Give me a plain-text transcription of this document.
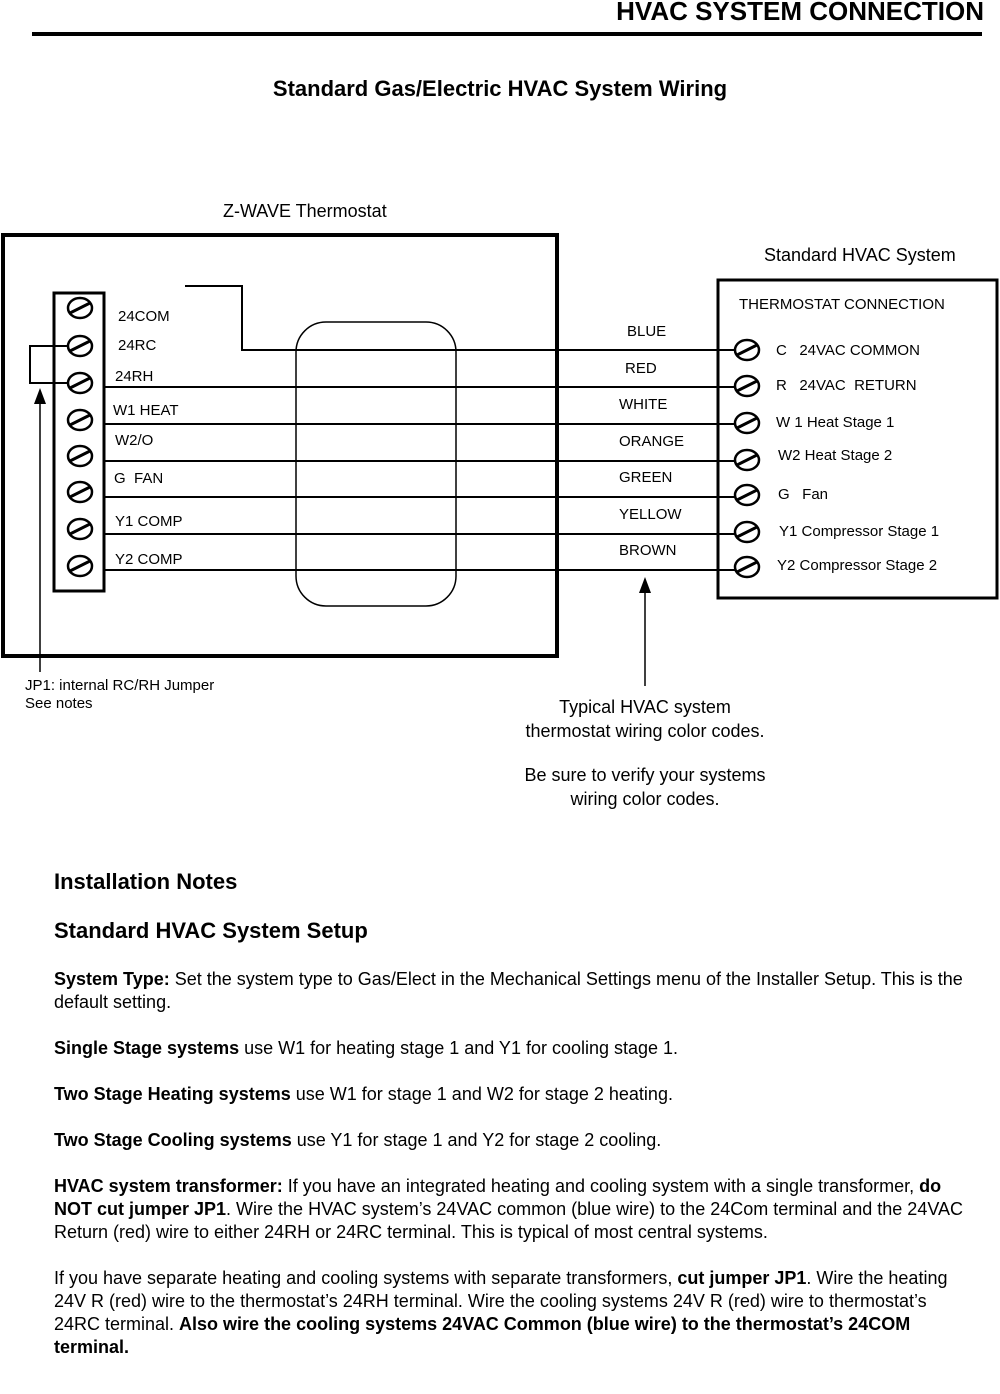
HVAC SYSTEM CONNECTION
Standard Gas/Electric HVAC System Wiring
Z-WAVE Thermostat
24COM
24RC
24RH
W1 HEAT
W2/O
G  FAN
Y1 COMP
Y2 COMP
JP1: internal RC/RH Jumper
See notes
BLUE
RED
WHITE
ORANGE
GREEN
YELLOW
BROWN
Standard HVAC System
THERMOSTAT CONNECTION
C   24VAC COMMON
R   24VAC  RETURN
W 1 Heat Stage 1
W2 Heat Stage 2
G   Fan
Y1 Compressor Stage 1
Y2 Compressor Stage 2
Typical HVAC system
thermostat wiring color codes.
Be sure to verify your systems
wiring color codes.
Installation Notes
Standard HVAC System Setup

System Type: Set the system type to Gas/Elect in the Mechanical Settings menu of the Installer Setup. This is the default setting.

Single Stage systems use W1 for heating stage 1 and Y1 for cooling stage 1.

Two Stage Heating systems use W1 for stage 1 and W2 for stage 2 heating.

Two Stage Cooling systems use Y1 for stage 1 and Y2 for stage 2 cooling.

HVAC system transformer: If you have an integrated heating and cooling system with a single transformer, do NOT cut jumper JP1. Wire the HVAC system’s 24VAC common (blue wire) to the 24Com terminal and the 24VAC Return (red) wire to either 24RH or 24RC terminal. This is typical of most central systems.

If you have separate heating and cooling systems with separate transformers, cut jumper JP1. Wire the heating 24V R (red) wire to the thermostat’s 24RH terminal. Wire the cooling systems 24V R (red) wire to thermostat’s 24RC terminal. Also wire the cooling systems 24VAC Common (blue wire) to the thermostat’s 24COM terminal.
